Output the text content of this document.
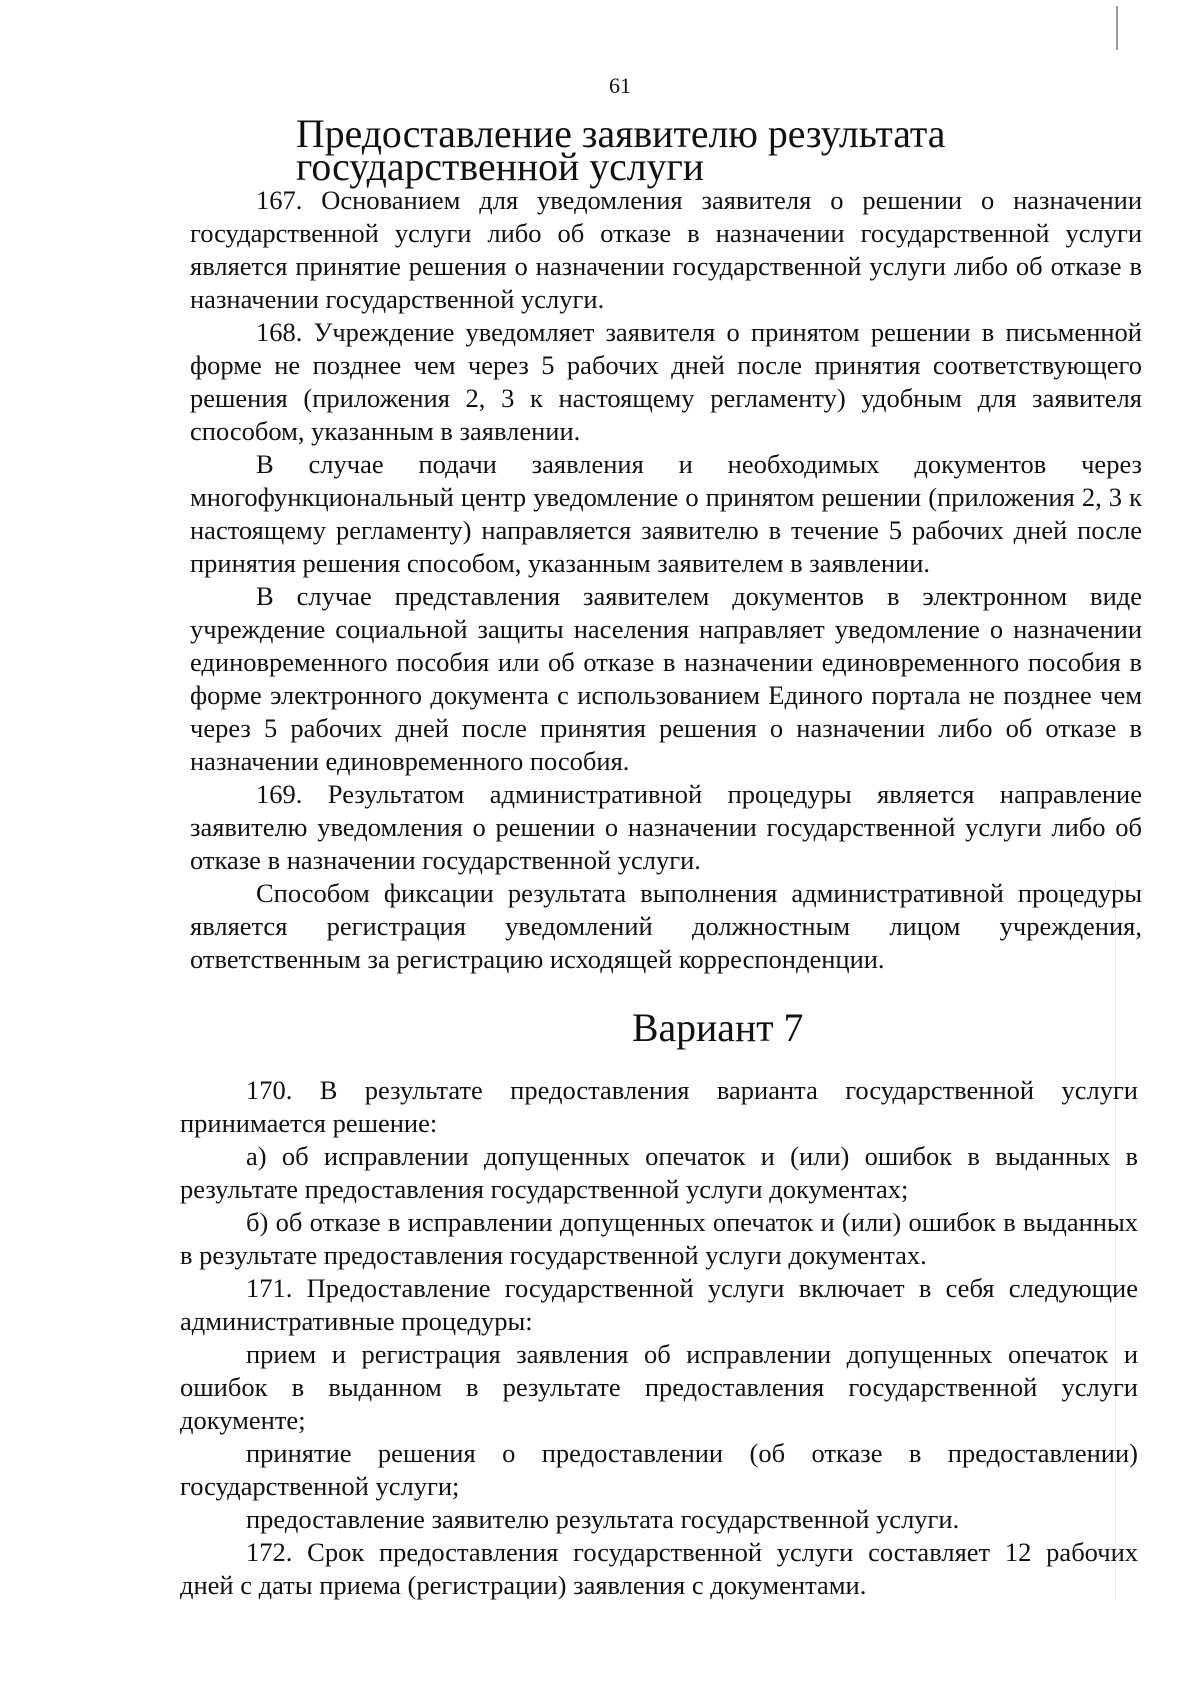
61
Предоставление заявителю результата государственной услуги

167. Основанием для уведомления заявителя о решении о назначении государственной услуги либо об отказе в назначении государственной услуги является принятие решения о назначении государственной услуги либо об отказе в назначении государственной услуги.

168. Учреждение уведомляет заявителя о принятом решении в письменной форме не позднее чем через 5 рабочих дней после принятия соответствующего решения (приложения 2, 3 к настоящему регламенту) удобным для заявителя способом, указанным в заявлении.

В случае подачи заявления и необходимых документов через многофункциональный центр уведомление о принятом решении (приложения 2, 3 к настоящему регламенту) направляется заявителю в течение 5 рабочих дней после принятия решения способом, указанным заявителем в заявлении.

В случае представления заявителем документов в электронном виде учреждение социальной защиты населения направляет уведомление о назначении единовременного пособия или об отказе в назначении единовременного пособия в форме электронного документа с использованием Единого портала не позднее чем через 5 рабочих дней после принятия решения о назначении либо об отказе в назначении единовременного пособия.

169. Результатом административной процедуры является направление заявителю уведомления о решении о назначении государственной услуги либо об отказе в назначении государственной услуги.

Способом фиксации результата выполнения административной процедуры является регистрация уведомлений должностным лицом учреждения, ответственным за регистрацию исходящей корреспонденции.

Вариант 7

170. В результате предоставления варианта государственной услуги принимается решение:

а) об исправлении допущенных опечаток и (или) ошибок в выданных в результате предоставления государственной услуги документах;

б) об отказе в исправлении допущенных опечаток и (или) ошибок в выданных в результате предоставления государственной услуги документах.

171. Предоставление государственной услуги включает в себя следующие административные процедуры:

прием и регистрация заявления об исправлении допущенных опечаток и ошибок в выданном в результате предоставления государственной услуги документе;

принятие решения о предоставлении (об отказе в предоставлении) государственной услуги;

предоставление заявителю результата государственной услуги.

172. Срок предоставления государственной услуги составляет 12 рабочих дней с даты приема (регистрации) заявления с документами.
